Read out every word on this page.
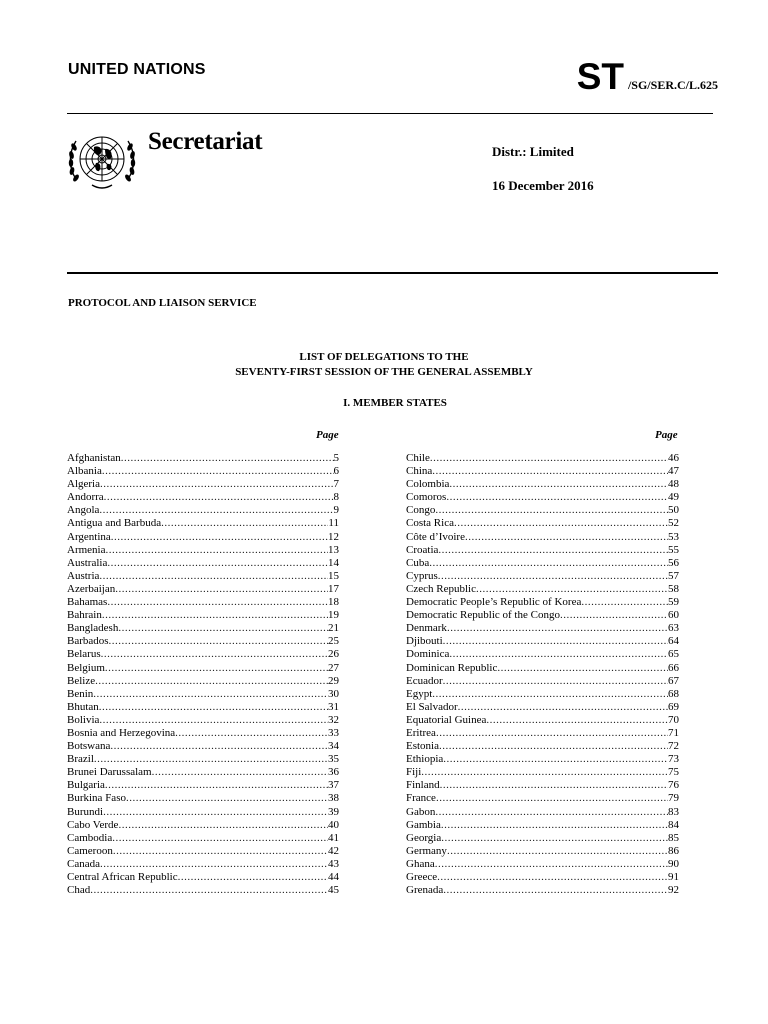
UNITED NATIONS	ST /SG/SER.C/L.625
Secretariat	Distr.: Limited
16 December 2016
PROTOCOL AND LIAISON SERVICE
LIST OF DELEGATIONS TO THE
SEVENTY-FIRST SESSION OF THE GENERAL ASSEMBLY
I. MEMBER STATES
Page	Page
Afghanistan .....	5
Albania .....	6
Algeria .....	7
Andorra .....	8
Angola .....	9
Antigua and Barbuda .....	11
Argentina .....	12
Armenia .....	13
Australia .....	14
Austria .....	15
Azerbaijan .....	17
Bahamas .....	18
Bahrain .....	19
Bangladesh .....	21
Barbados .....	25
Belarus .....	26
Belgium .....	27
Belize .....	29
Benin .....	30
Bhutan .....	31
Bolivia .....	32
Bosnia and Herzegovina .....	33
Botswana .....	34
Brazil .....	35
Brunei Darussalam .....	36
Bulgaria .....	37
Burkina Faso .....	38
Burundi .....	39
Cabo Verde .....	40
Cambodia .....	41
Cameroon .....	42
Canada .....	43
Central African Republic .....	44
Chad .....	45
Chile .....	46
China .....	47
Colombia .....	48
Comoros .....	49
Congo .....	50
Costa Rica .....	52
Côte d’Ivoire .....	53
Croatia .....	55
Cuba .....	56
Cyprus .....	57
Czech Republic .....	58
Democratic People’s Republic of Korea .....	59
Democratic Republic of the Congo .....	60
Denmark .....	63
Djibouti .....	64
Dominica .....	65
Dominican Republic .....	66
Ecuador .....	67
Egypt .....	68
El Salvador .....	69
Equatorial Guinea .....	70
Eritrea .....	71
Estonia .....	72
Ethiopia .....	73
Fiji .....	75
Finland .....	76
France .....	79
Gabon .....	83
Gambia .....	84
Georgia .....	85
Germany .....	86
Ghana .....	90
Greece .....	91
Grenada .....	92
